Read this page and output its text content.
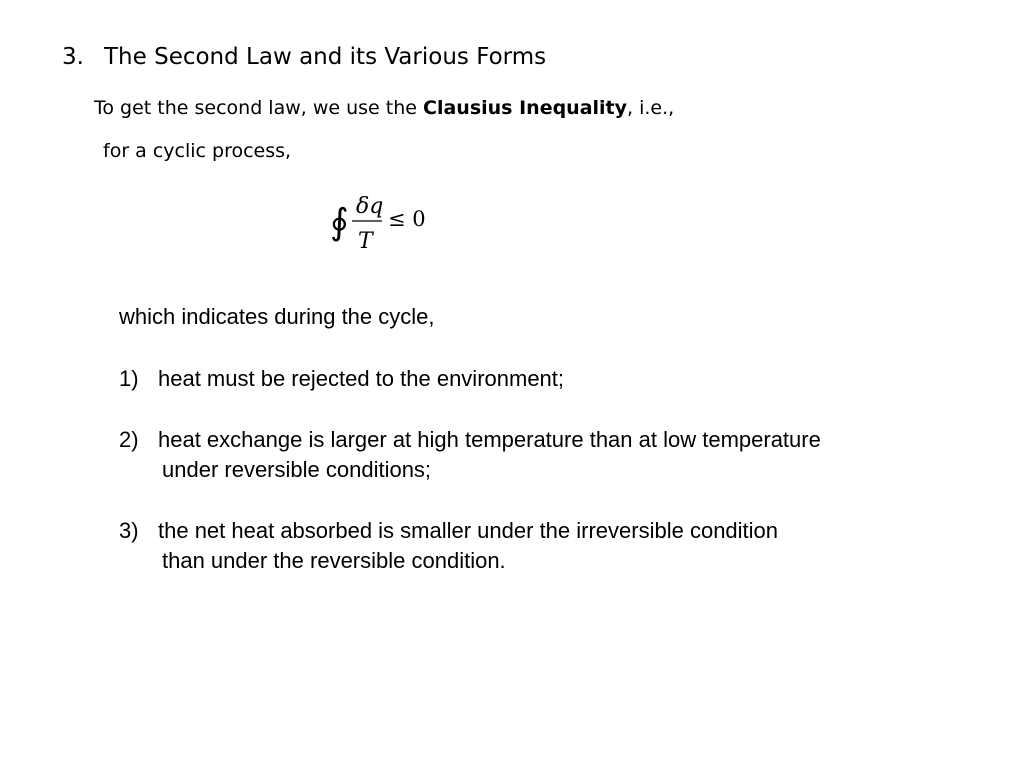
3. The Second Law and its Various Forms
To get the second law, we use the Clausius Inequality, i.e.,
for a cyclic process,
∮ δq
T
≤ 0
which indicates during the cycle,
1) heat must be rejected to the environment;
2) heat exchange is larger at high temperature than at low temperature
under reversible conditions;
3) the net heat absorbed is smaller under the irreversible condition
than under the reversible condition.
